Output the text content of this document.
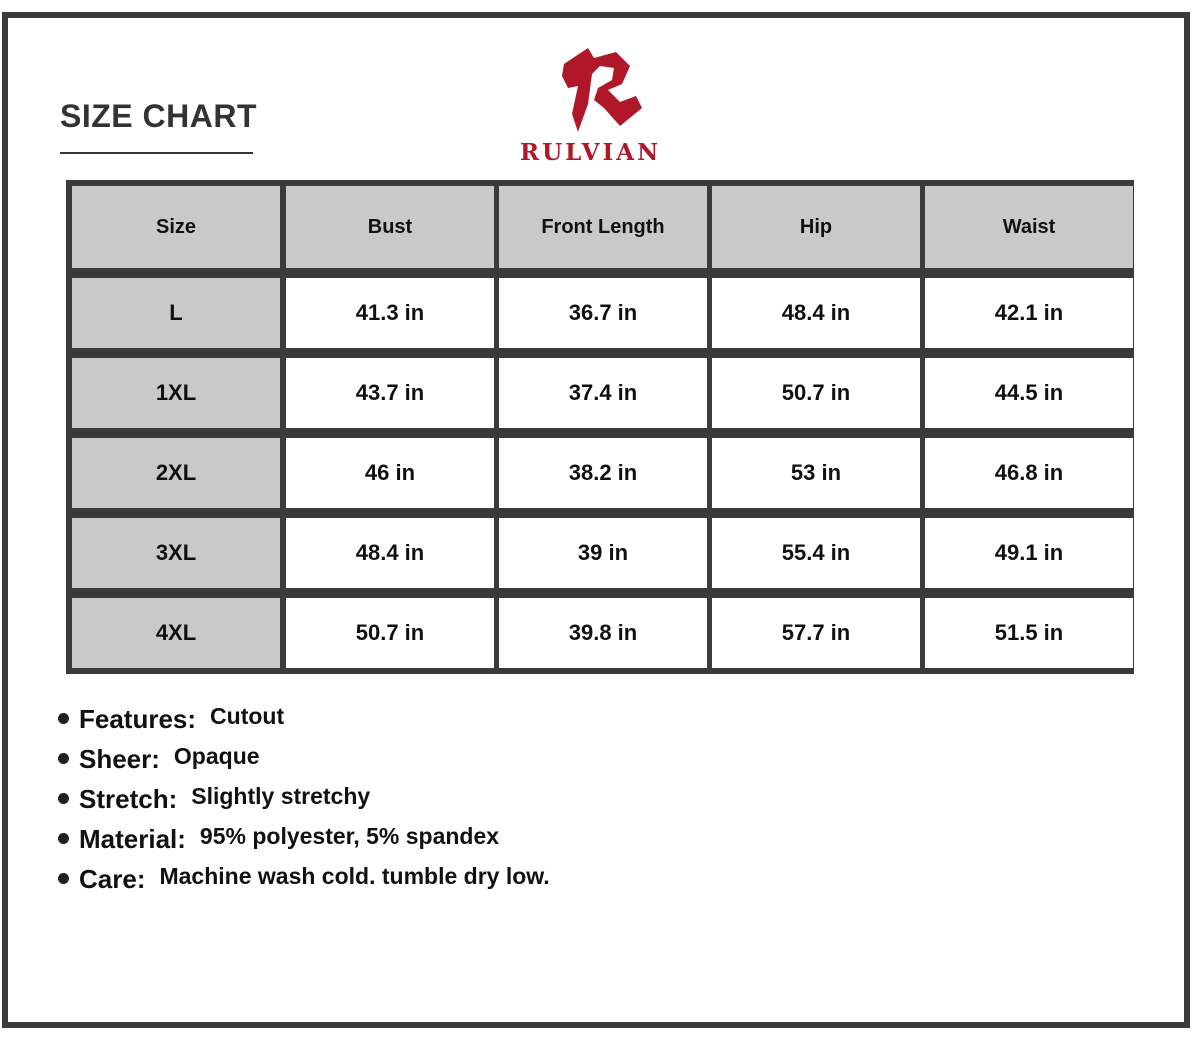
SIZE CHART
RULVIAN
Size	Bust	Front Length	Hip	Waist
L	41.3 in	36.7 in	48.4 in	42.1 in
1XL	43.7 in	37.4 in	50.7 in	44.5 in
2XL	46 in	38.2 in	53 in	46.8 in
3XL	48.4 in	39 in	55.4 in	49.1 in
4XL	50.7 in	39.8 in	57.7 in	51.5 in
Features: Cutout
Sheer: Opaque
Stretch: Slightly stretchy
Material: 95% polyester, 5% spandex
Care: Machine wash cold. tumble dry low.
